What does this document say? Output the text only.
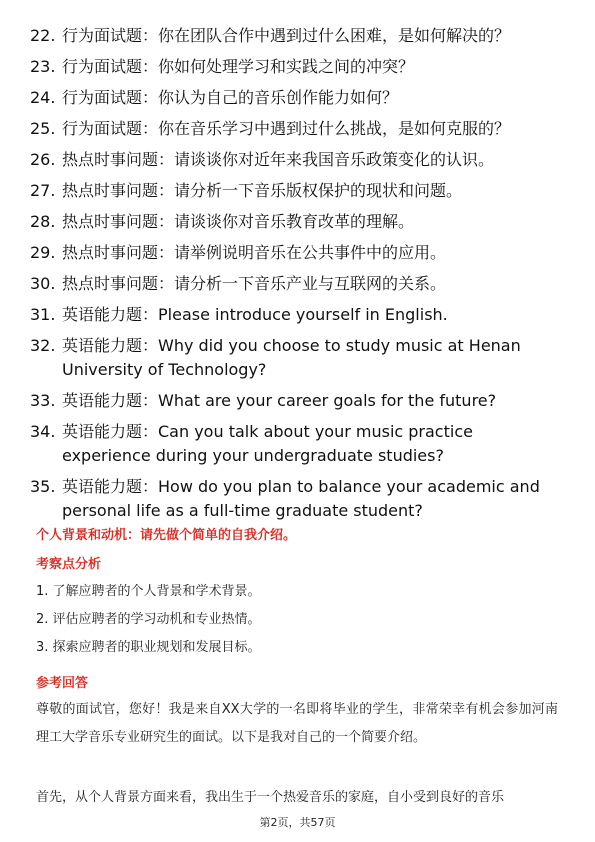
22. 行为面试题：你在团队合作中遇到过什么困难，是如何解决的？
23. 行为面试题：你如何处理学习和实践之间的冲突？
24. 行为面试题：你认为自己的音乐创作能力如何？
25. 行为面试题：你在音乐学习中遇到过什么挑战，是如何克服的？
26. 热点时事问题：请谈谈你对近年来我国音乐政策变化的认识。
27. 热点时事问题：请分析一下音乐版权保护的现状和问题。
28. 热点时事问题：请谈谈你对音乐教育改革的理解。
29. 热点时事问题：请举例说明音乐在公共事件中的应用。
30. 热点时事问题：请分析一下音乐产业与互联网的关系。
31. 英语能力题：Please introduce yourself in English.
32. 英语能力题：Why did you choose to study music at Henan University of Technology?
33. 英语能力题：What are your career goals for the future?
34. 英语能力题：Can you talk about your music practice experience during your undergraduate studies?
35. 英语能力题：How do you plan to balance your academic and personal life as a full-time graduate student?
个人背景和动机：请先做个简单的自我介绍。
考察点分析
1. 了解应聘者的个人背景和学术背景。
2. 评估应聘者的学习动机和专业热情。
3. 探索应聘者的职业规划和发展目标。
参考回答
尊敬的面试官，您好！我是来自XX大学的一名即将毕业的学生，非常荣幸有机会参加河南理工大学音乐专业研究生的面试。以下是我对自己的一个简要介绍。
首先，从个人背景方面来看，我出生于一个热爱音乐的家庭，自小受到良好的音乐
第2页，共57页
